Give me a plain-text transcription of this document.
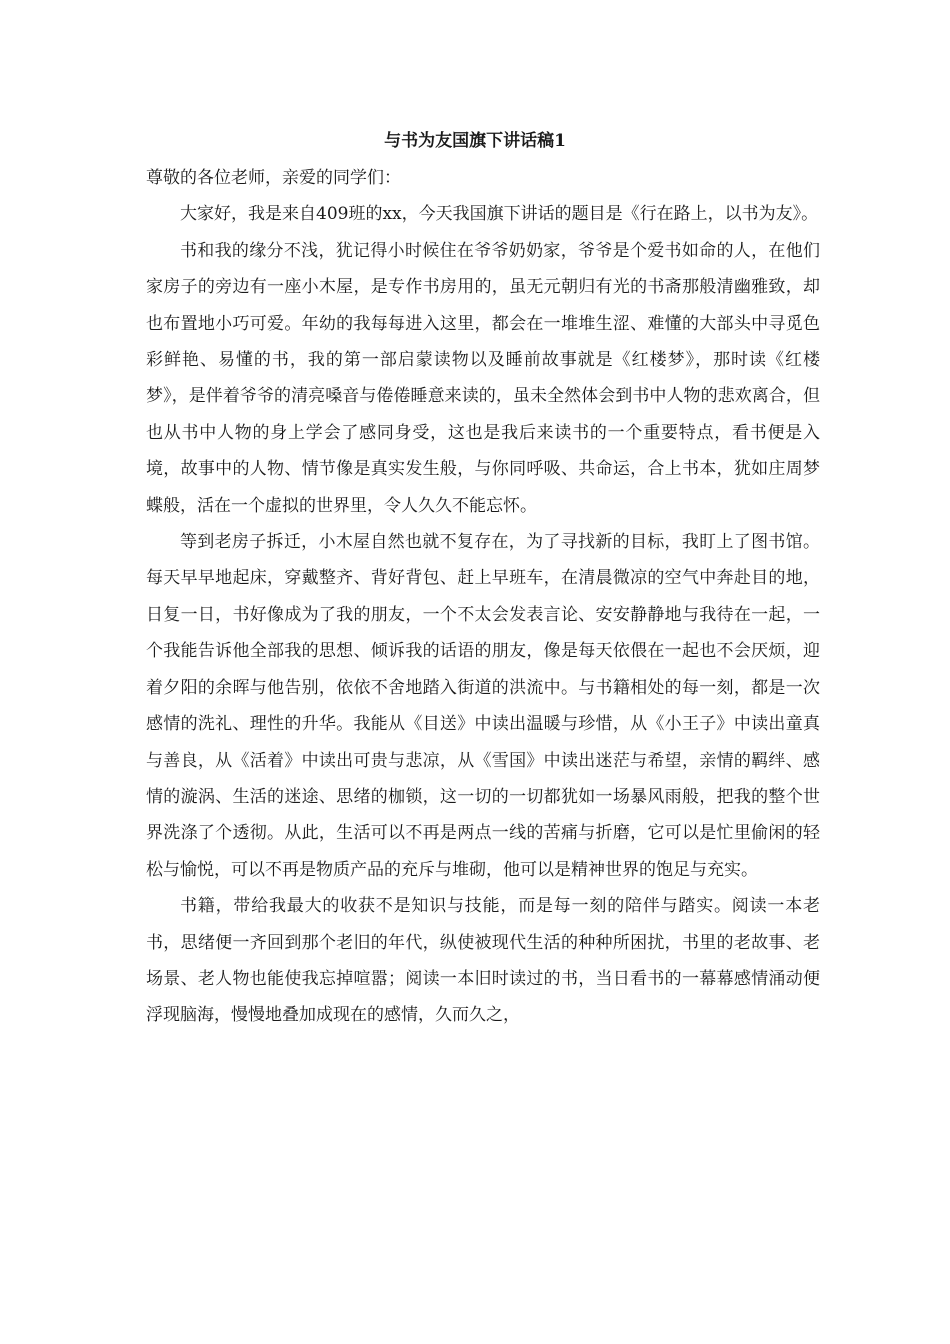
与书为友国旗下讲话稿1

尊敬的各位老师，亲爱的同学们：

大家好，我是来自409班的xx，今天我国旗下讲话的题目是《行在路上，以书为友》。

书和我的缘分不浅，犹记得小时候住在爷爷奶奶家，爷爷是个爱书如命的人，在他们家房子的旁边有一座小木屋，是专作书房用的，虽无元朝归有光的书斋那般清幽雅致，却也布置地小巧可爱。年幼的我每每进入这里，都会在一堆堆生涩、难懂的大部头中寻觅色彩鲜艳、易懂的书，我的第一部启蒙读物以及睡前故事就是《红楼梦》，那时读《红楼梦》，是伴着爷爷的清亮嗓音与倦倦睡意来读的，虽未全然体会到书中人物的悲欢离合，但也从书中人物的身上学会了感同身受，这也是我后来读书的一个重要特点，看书便是入境，故事中的人物、情节像是真实发生般，与你同呼吸、共命运，合上书本，犹如庄周梦蝶般，活在一个虚拟的世界里，令人久久不能忘怀。

等到老房子拆迁，小木屋自然也就不复存在，为了寻找新的目标，我盯上了图书馆。每天早早地起床，穿戴整齐、背好背包、赶上早班车，在清晨微凉的空气中奔赴目的地，日复一日，书好像成为了我的朋友，一个不太会发表言论、安安静静地与我待在一起，一个我能告诉他全部我的思想、倾诉我的话语的朋友，像是每天依偎在一起也不会厌烦，迎着夕阳的余晖与他告别，依依不舍地踏入街道的洪流中。与书籍相处的每一刻，都是一次感情的洗礼、理性的升华。我能从《目送》中读出温暖与珍惜，从《小王子》中读出童真与善良，从《活着》中读出可贵与悲凉，从《雪国》中读出迷茫与希望，亲情的羁绊、感情的漩涡、生活的迷途、思绪的枷锁，这一切的一切都犹如一场暴风雨般，把我的整个世界洗涤了个透彻。从此，生活可以不再是两点一线的苦痛与折磨，它可以是忙里偷闲的轻松与愉悦，可以不再是物质产品的充斥与堆砌，他可以是精神世界的饱足与充实。

书籍，带给我最大的收获不是知识与技能，而是每一刻的陪伴与踏实。阅读一本老书，思绪便一齐回到那个老旧的年代，纵使被现代生活的种种所困扰，书里的老故事、老场景、老人物也能使我忘掉喧嚣；阅读一本旧时读过的书，当日看书的一幕幕感情涌动便浮现脑海，慢慢地叠加成现在的感情，久而久之，
